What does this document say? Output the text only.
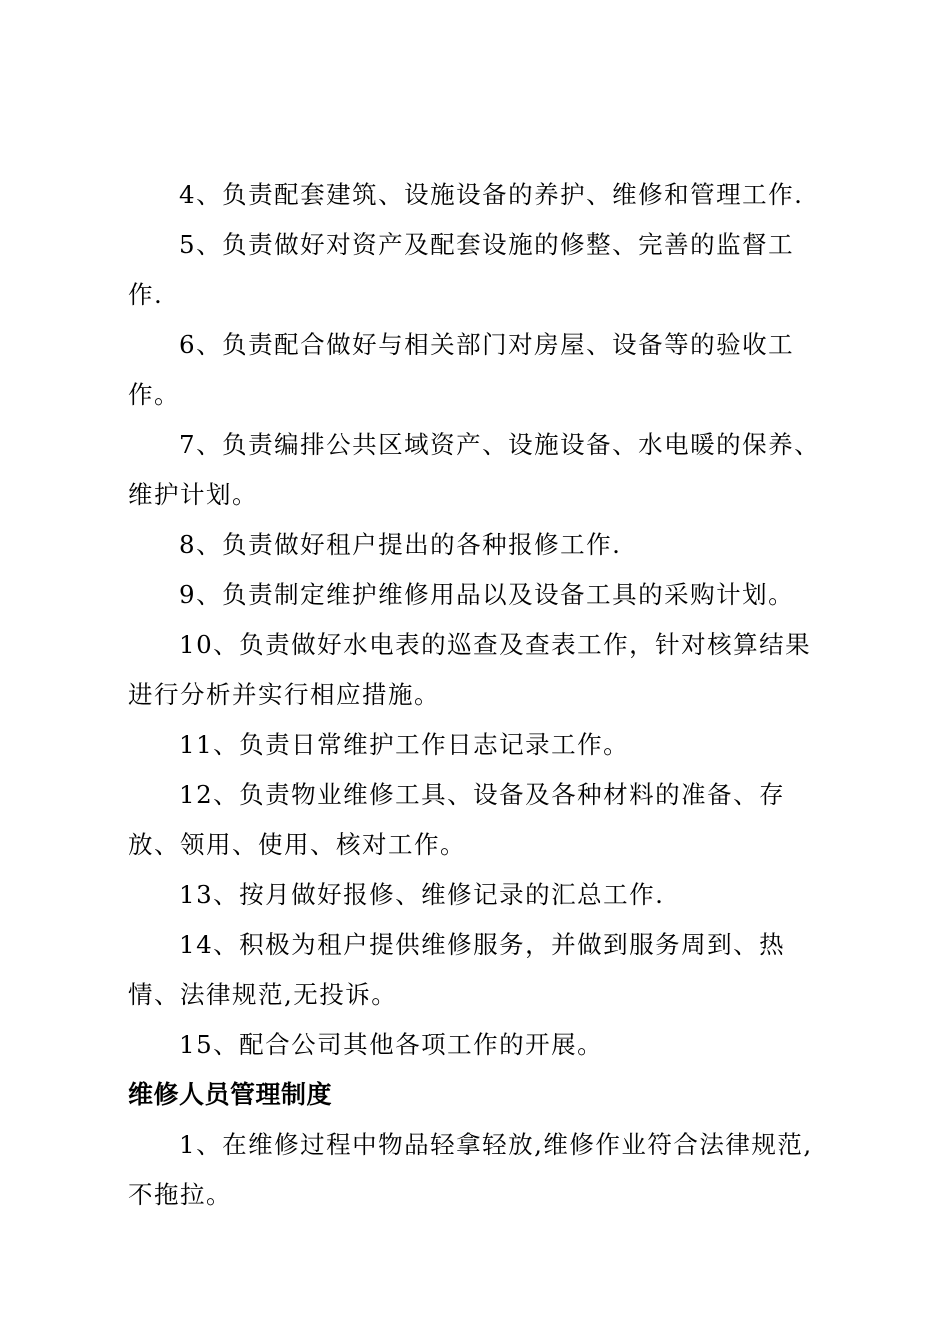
4、负责配套建筑、设施设备的养护、维修和管理工作.

5、负责做好对资产及配套设施的修整、完善的监督工作.

6、负责配合做好与相关部门对房屋、设备等的验收工作。

7、负责编排公共区域资产、设施设备、水电暖的保养、维护计划。

8、负责做好租户提出的各种报修工作.

9、负责制定维护维修用品以及设备工具的采购计划。

10、负责做好水电表的巡查及查表工作，针对核算结果进行分析并实行相应措施。

11、负责日常维护工作日志记录工作。

12、负责物业维修工具、设备及各种材料的准备、存放、领用、使用、核对工作。

13、按月做好报修、维修记录的汇总工作.

14、积极为租户提供维修服务，并做到服务周到、热情、法律规范,无投诉。

15、配合公司其他各项工作的开展。

维修人员管理制度

1、在维修过程中物品轻拿轻放,维修作业符合法律规范,不拖拉。
